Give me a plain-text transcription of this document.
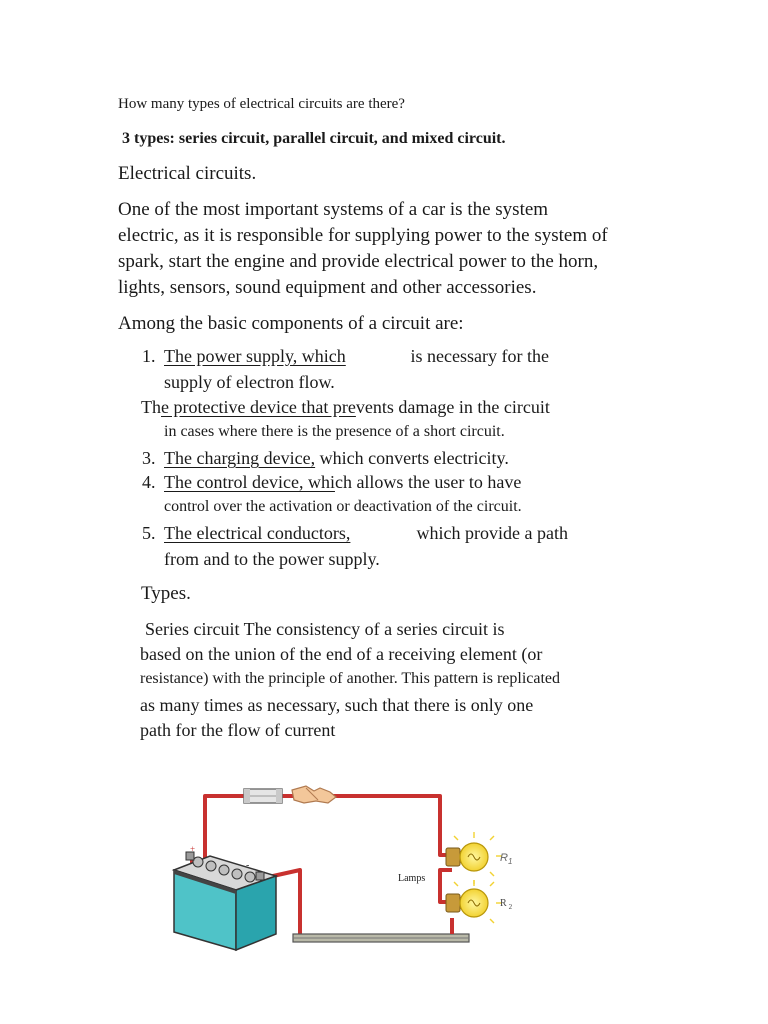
How many types of electrical circuits are there?
3 types: series circuit, parallel circuit, and mixed circuit.
Electrical circuits.
One of the most important systems of a car is the system
electric, as it is responsible for supplying power to the system of
spark, start the engine and provide electrical power to the horn,
lights, sensors, sound equipment and other accessories.
Among the basic components of a circuit are:
1. The power supply, which	is necessary for the
supply of electron flow.
The protective device that prevents damage in the circuit
in cases where there is the presence of a short circuit.
3. The charging device, which converts electricity.
4. The control device, which allows the user to have
control over the activation or deactivation of the circuit.
5. The electrical conductors,	which provide a path
from and to the power supply.
Types.
Series circuit The consistency of a series circuit is
based on the union of the end of a receiving element (or
resistance) with the principle of another. This pattern is replicated
as many times as necessary, such that there is only one
path for the flow of current
+
-
$R_1$
R $_2$
Lamps
